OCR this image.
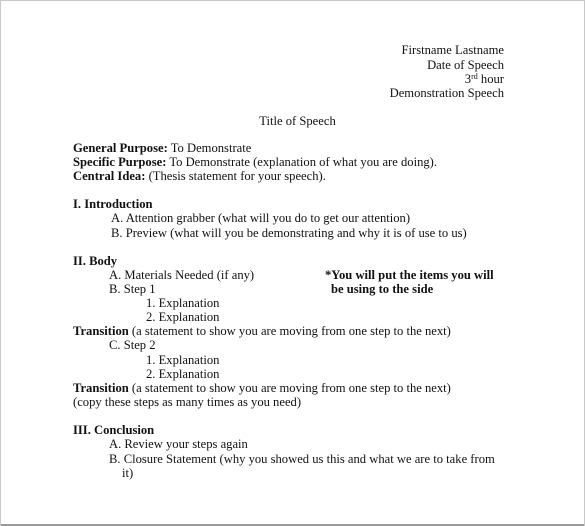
Firstname Lastname
Date of Speech
3rd hour
Demonstration Speech
Title of Speech
General Purpose: To Demonstrate
Specific Purpose: To Demonstrate (explanation of what you are doing).
Central Idea: (Thesis statement for your speech).
I. Introduction
A. Attention grabber (what will you do to get our attention)
B. Preview (what will you be demonstrating and why it is of use to us)
II. Body
A. Materials Needed (if any)
B. Step 1
1. Explanation
2. Explanation
Transition (a statement to show you are moving from one step to the next)
C. Step 2
1. Explanation
2. Explanation
Transition (a statement to show you are moving from one step to the next)
(copy these steps as many times as you need)
*You will put the items you will
be using to the side
III. Conclusion
A. Review your steps again
B. Closure Statement (why you showed us this and what we are to take from
it)
